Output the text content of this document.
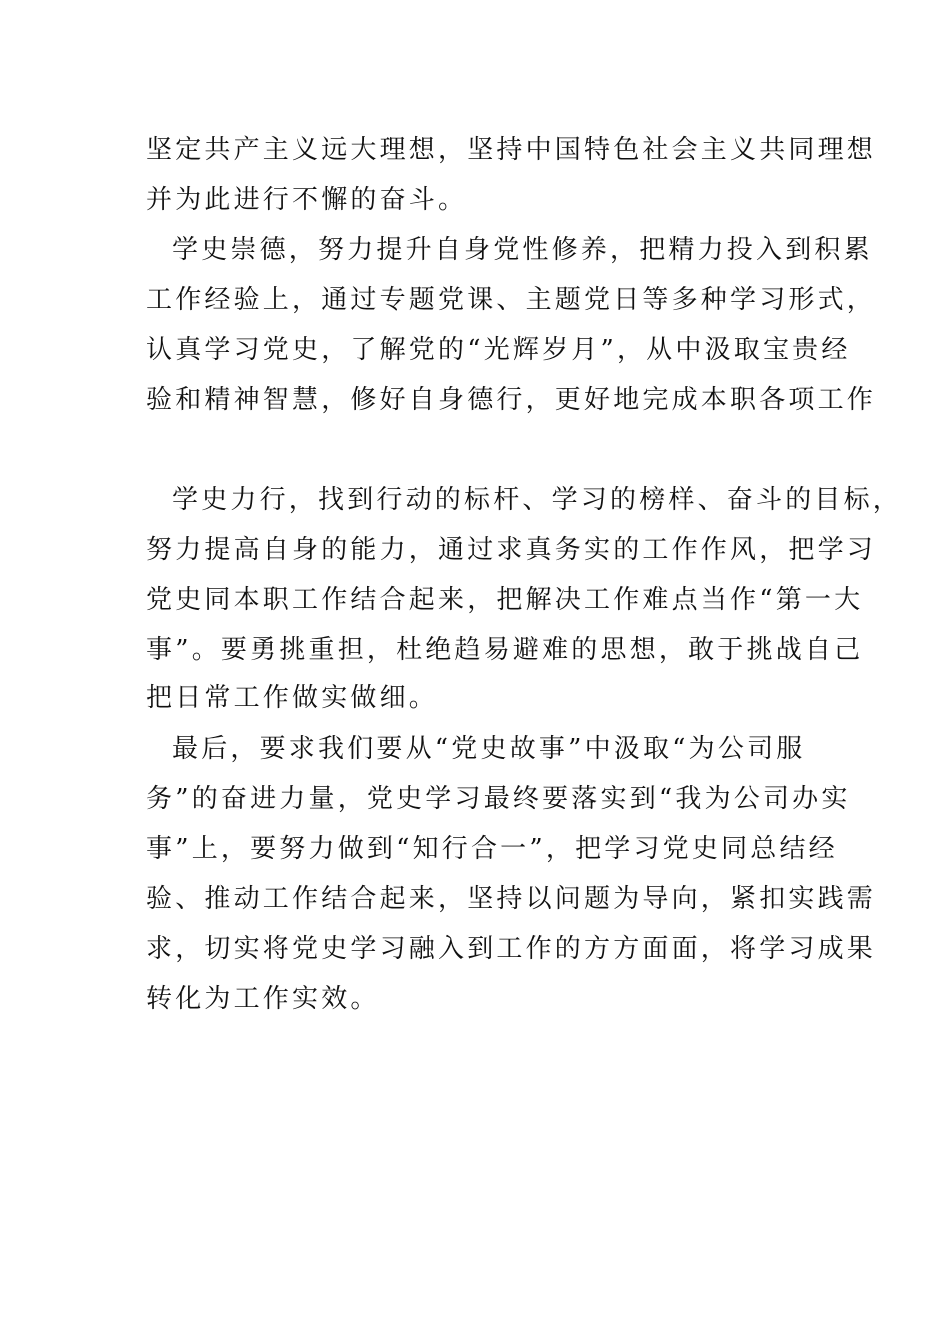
坚定共产主义远大理想，坚持中国特色社会主义共同理想
并为此进行不懈的奋斗。
学史崇德，努力提升自身党性修养，把精力投入到积累
工作经验上，通过专题党课、主题党日等多种学习形式，
认真学习党史，了解党的“光辉岁月”，从中汲取宝贵经
验和精神智慧，修好自身德行，更好地完成本职各项工作
学史力行，找到行动的标杆、学习的榜样、奋斗的目标，
努力提高自身的能力，通过求真务实的工作作风，把学习
党史同本职工作结合起来，把解决工作难点当作“第一大
事”。要勇挑重担，杜绝趋易避难的思想，敢于挑战自己
把日常工作做实做细。
最后，要求我们要从“党史故事”中汲取“为公司服
务”的奋进力量，党史学习最终要落实到“我为公司办实
事”上，要努力做到“知行合一”，把学习党史同总结经
验、推动工作结合起来，坚持以问题为导向，紧扣实践需
求，切实将党史学习融入到工作的方方面面，将学习成果
转化为工作实效。
